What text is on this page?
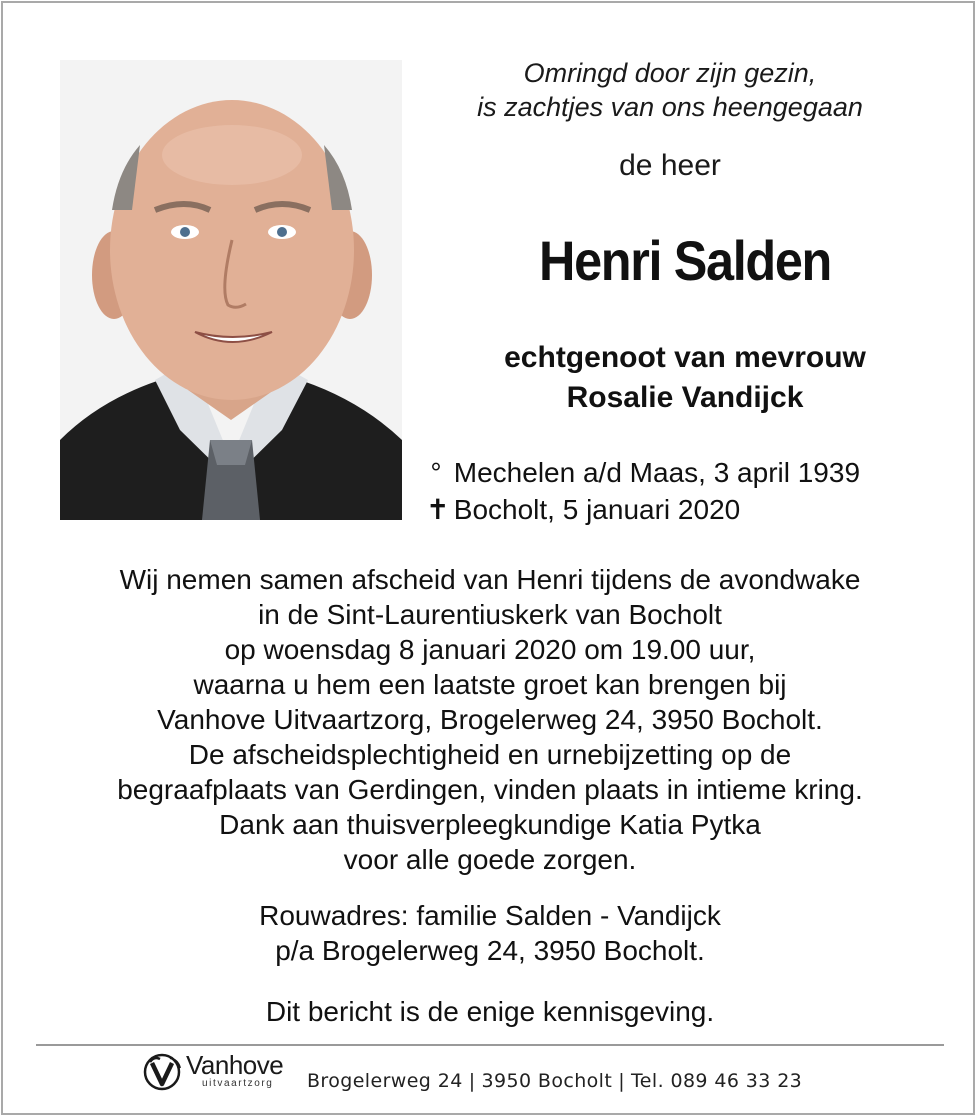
Omringd door zijn gezin,
is zachtjes van ons heengegaan
de heer
Henri Salden
echtgenoot van mevrouw
Rosalie Vandijck
° Mechelen a/d Maas, 3 april 1939
✝ Bocholt, 5 januari 2020
Wij nemen samen afscheid van Henri tijdens de avondwake
in de Sint-Laurentiuskerk van Bocholt
op woensdag 8 januari 2020 om 19.00 uur,
waarna u hem een laatste groet kan brengen bij
Vanhove Uitvaartzorg, Brogelerweg 24, 3950 Bocholt.
De afscheidsplechtigheid en urnebijzetting op de
begraafplaats van Gerdingen, vinden plaats in intieme kring.
Dank aan thuisverpleegkundige Katia Pytka
voor alle goede zorgen.
Rouwadres: familie Salden - Vandijck
p/a Brogelerweg 24, 3950 Bocholt.
Dit bericht is de enige kennisgeving.
Vanhove
uitvaartzorg Brogelerweg 24 | 3950 Bocholt | Tel. 089 46 33 23
